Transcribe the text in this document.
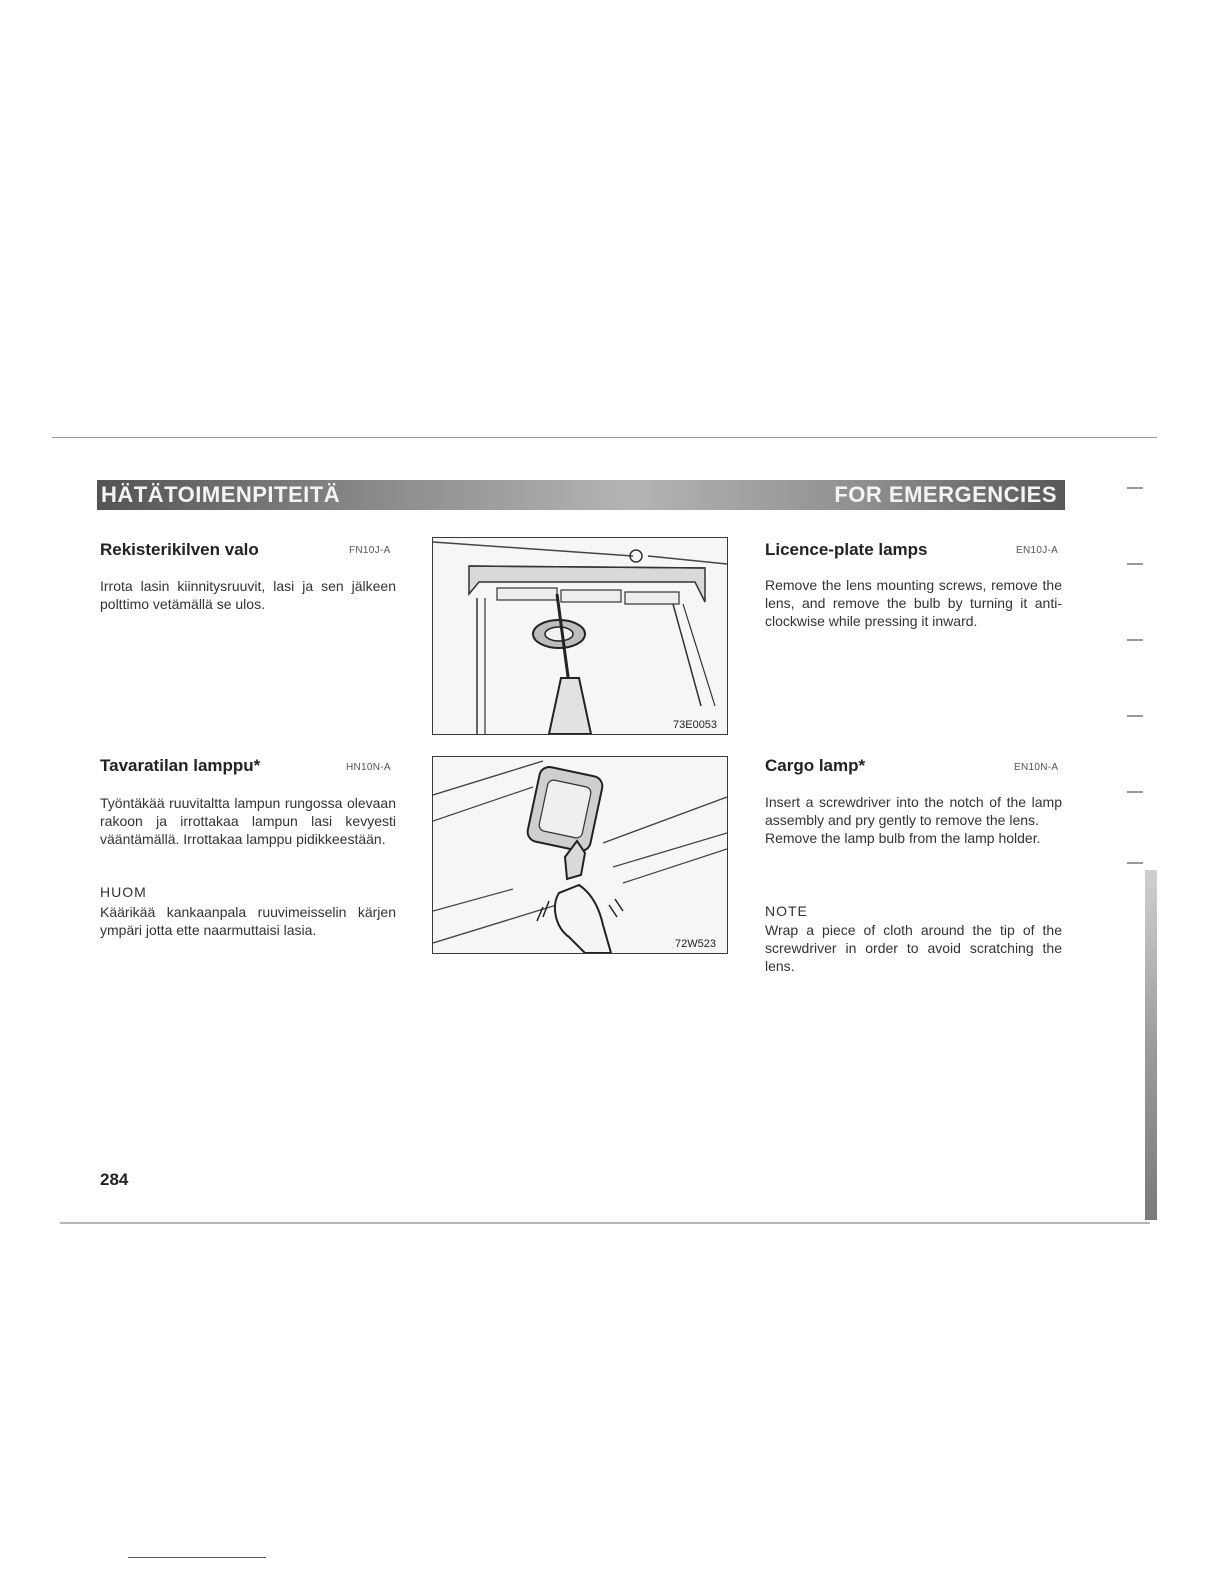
HÄTÄTOIMENPITEITÄ	FOR EMERGENCIES
Rekisterikilven valo	FN10J-A

Irrota lasin kiinnitysruuvit, lasi ja sen jälkeen polttimo vetämällä se ulos.

Tavaratilan lamppu*	HN10N-A

Työntäkää ruuvitaltta lampun rungossa olevaan rakoon ja irrottakaa lampun lasi kevyesti vääntämällä. Irrottakaa lamppu pidikkeestään.

HUOM

Käärikää kankaanpala ruuvimeisselin kärjen ympäri jotta ette naarmuttaisi lasia.

73E0053
72W523
Licence-plate lamps	EN10J-A

Remove the lens mounting screws, remove the lens, and remove the bulb by turning it anti-clockwise while pressing it inward.

Cargo lamp*	EN10N-A

Insert a screwdriver into the notch of the lamp assembly and pry gently to remove the lens.

Remove the lamp bulb from the lamp holder.

NOTE

Wrap a piece of cloth around the tip of the screwdriver in order to avoid scratching the lens.

284
